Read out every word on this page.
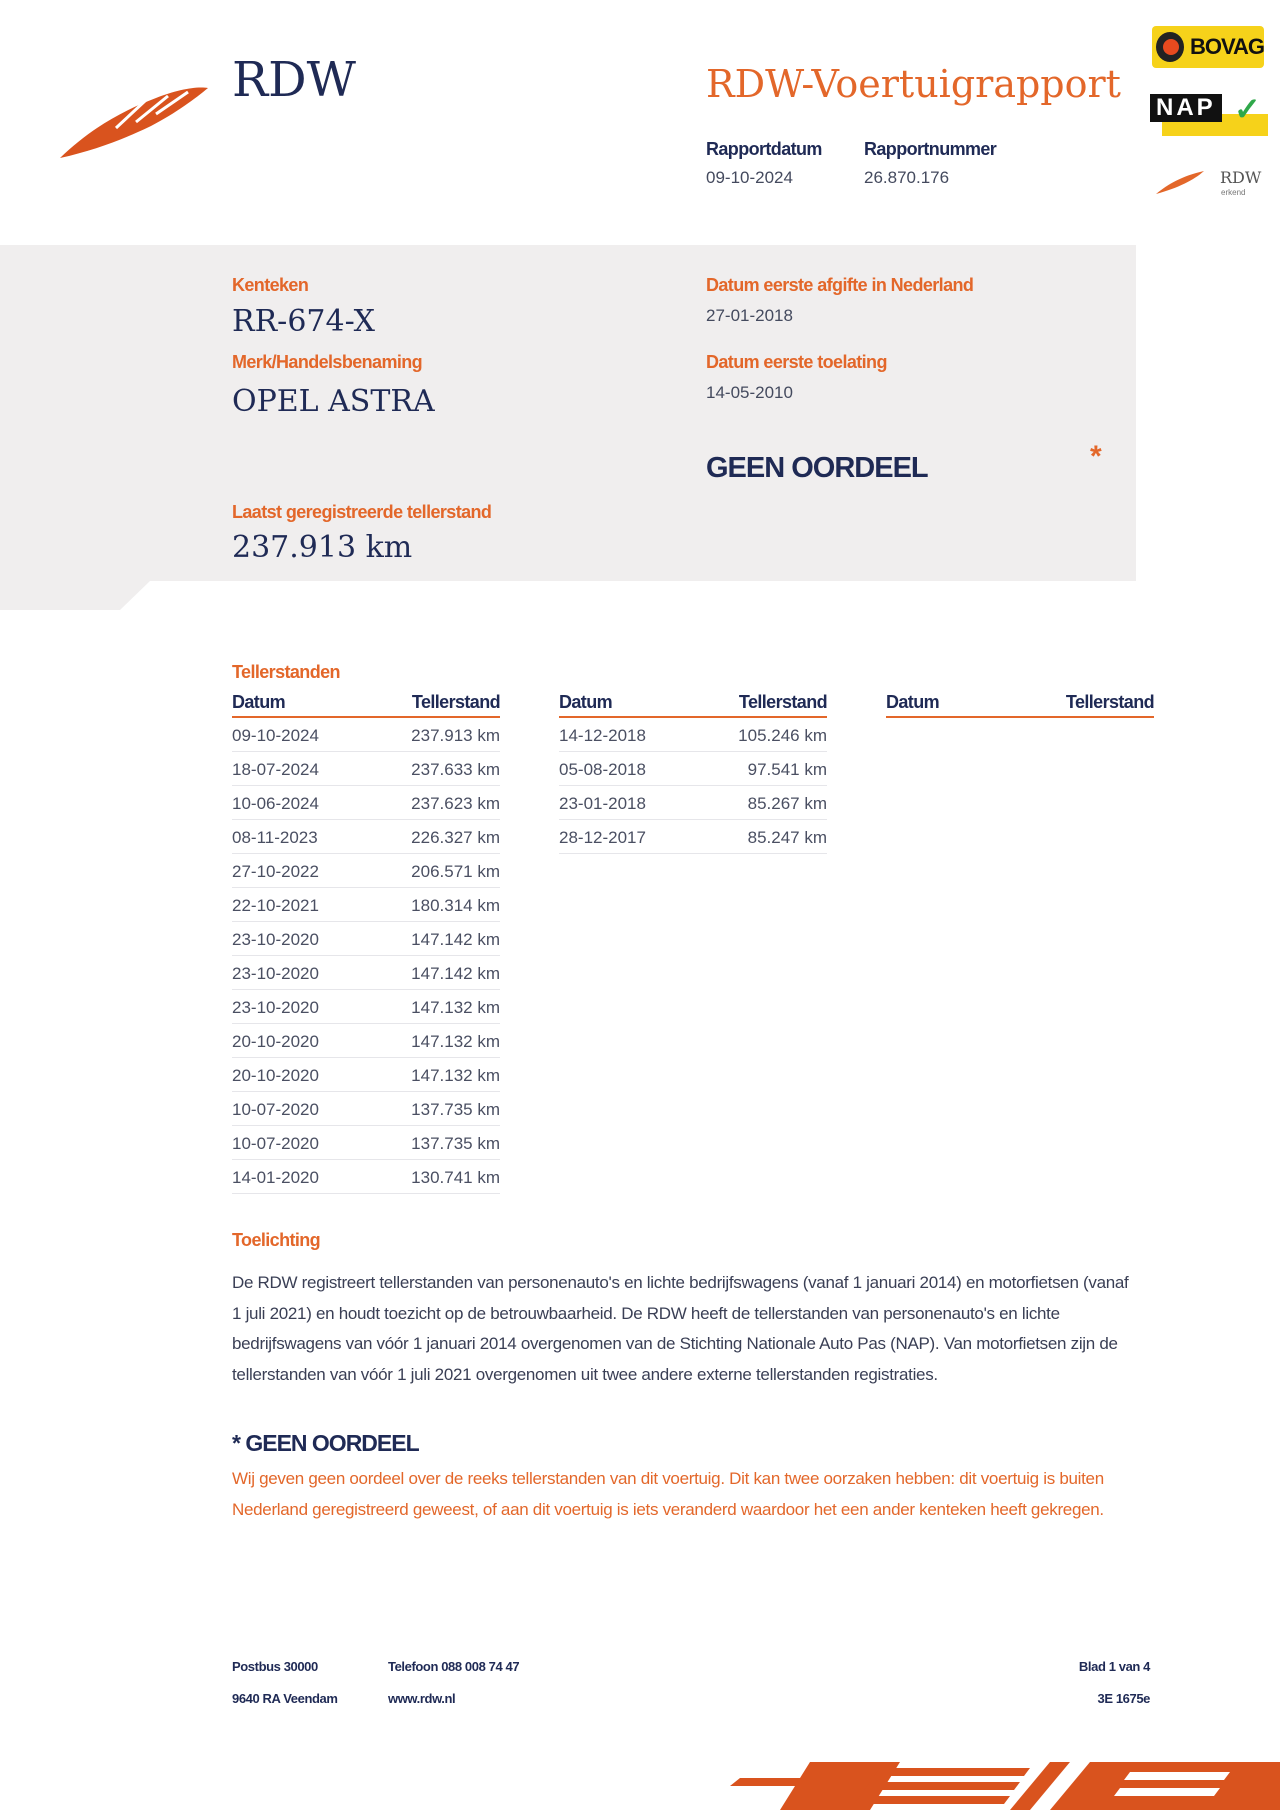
RDW	RDW-Voertuigrapport
Rapportdatum
09-10-2024
Rapportnummer
26.870.176
BOVAG
NAP ✓
RDW
erkend
Kenteken
RR-674-X
Merk/Handelsbenaming
OPEL ASTRA
Datum eerste afgifte in Nederland
27-01-2018
Datum eerste toelating
14-05-2010
GEEN OORDEEL	*
Laatst geregistreerde tellerstand
237.913 km
Tellerstanden
Datum	Tellerstand
09-10-2024	237.913 km
18-07-2024	237.633 km
10-06-2024	237.623 km
08-11-2023	226.327 km
27-10-2022	206.571 km
22-10-2021	180.314 km
23-10-2020	147.142 km
23-10-2020	147.142 km
23-10-2020	147.132 km
20-10-2020	147.132 km
20-10-2020	147.132 km
10-07-2020	137.735 km
10-07-2020	137.735 km
14-01-2020	130.741 km
Datum	Tellerstand
14-12-2018	105.246 km
05-08-2018	97.541 km
23-01-2018	85.267 km
28-12-2017	85.247 km
Datum	Tellerstand
Toelichting
De RDW registreert tellerstanden van personenauto's en lichte bedrijfswagens (vanaf 1 januari 2014) en motorfietsen (vanaf 1 juli 2021) en houdt toezicht op de betrouwbaarheid. De RDW heeft de tellerstanden van personenauto's en lichte bedrijfswagens van vóór 1 januari 2014 overgenomen van de Stichting Nationale Auto Pas (NAP). Van motorfietsen zijn de tellerstanden van vóór 1 juli 2021 overgenomen uit twee andere externe tellerstanden registraties.
* GEEN OORDEEL
Wij geven geen oordeel over de reeks tellerstanden van dit voertuig. Dit kan twee oorzaken hebben: dit voertuig is buiten Nederland geregistreerd geweest, of aan dit voertuig is iets veranderd waardoor het een ander kenteken heeft gekregen.
Postbus 30000
9640 RA Veendam
Telefoon 088 008 74 47
www.rdw.nl
Blad 1 van 4
3E 1675e
